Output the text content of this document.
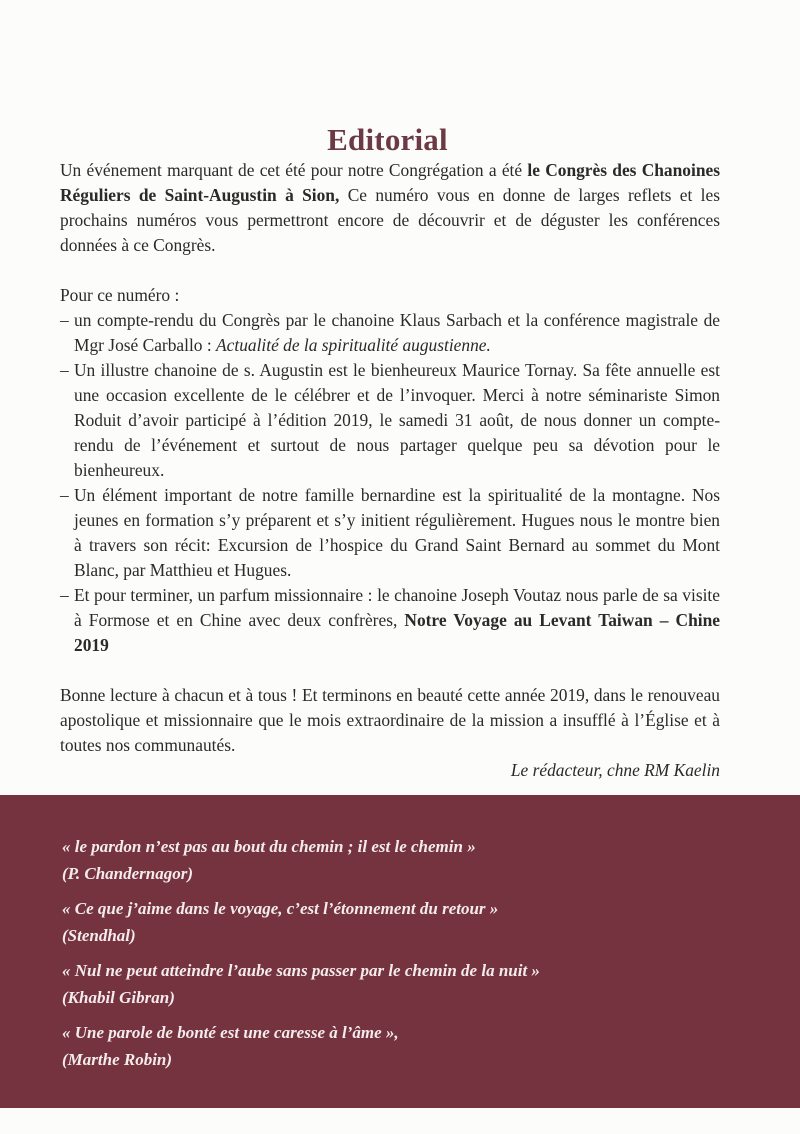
Editorial

Un événement marquant de cet été pour notre Congrégation a été le Congrès des Chanoines Réguliers de Saint-Augustin à Sion, Ce numéro vous en donne de larges reflets et les prochains numéros vous permettront encore de découvrir et de déguster les conférences données à ce Congrès.

Pour ce numéro :

– un compte-rendu du Congrès par le chanoine Klaus Sarbach et la conférence magistrale de Mgr José Carballo : Actualité de la spiritualité augustienne.
– Un illustre chanoine de s. Augustin est le bienheureux Maurice Tornay. Sa fête annuelle est une occasion excellente de le célébrer et de l’invoquer. Merci à notre séminariste Simon Roduit d’avoir participé à l’édition 2019, le samedi 31 août, de nous donner un compte-rendu de l’événement et surtout de nous partager quelque peu sa dévotion pour le bienheureux.
– Un élément important de notre famille bernardine est la spiritualité de la montagne. Nos jeunes en formation s’y préparent et s’y initient régulièrement. Hugues nous le montre bien à travers son récit: Excursion de l’hospice du Grand Saint Bernard au sommet du Mont Blanc, par Matthieu et Hugues.
– Et pour terminer, un parfum missionnaire : le chanoine Joseph Voutaz nous parle de sa visite à Formose et en Chine avec deux confrères, Notre Voyage au Levant Taiwan – Chine 2019

Bonne lecture à chacun et à tous ! Et terminons en beauté cette année 2019, dans le renouveau apostolique et missionnaire que le mois extraordinaire de la mission a insufflé à l’Église et à toutes nos communautés.

Le rédacteur, chne RM Kaelin

« le pardon n’est pas au bout du chemin ; il est le chemin »
(P. Chandernagor)
« Ce que j’aime dans le voyage, c’est l’étonnement du retour »
(Stendhal)
« Nul ne peut atteindre l’aube sans passer par le chemin de la nuit »
(Khabil Gibran)
« Une parole de bonté est une caresse à l’âme »,
(Marthe Robin)
